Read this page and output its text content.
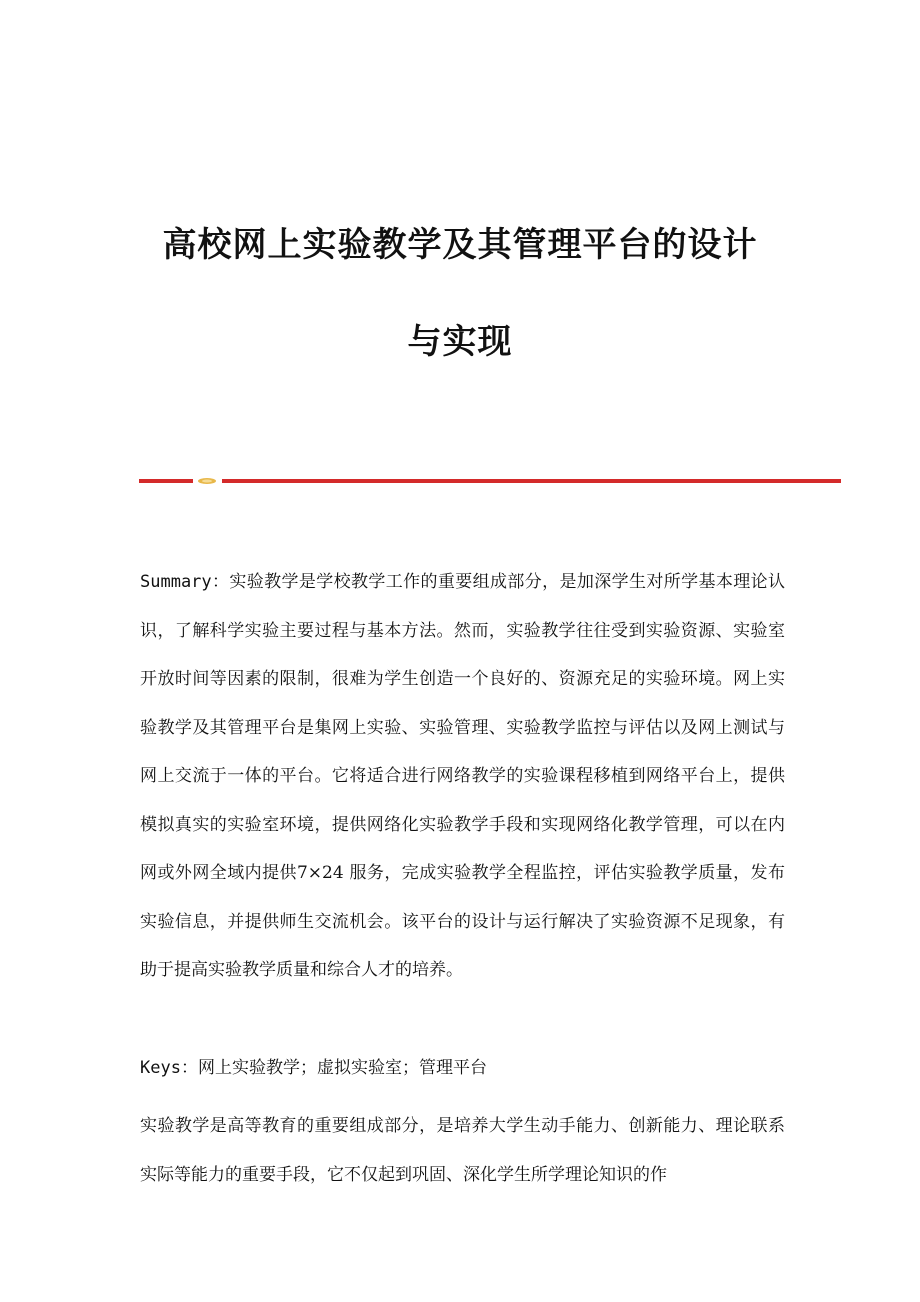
高校网上实验教学及其管理平台的设计
与实现

Summary：实验教学是学校教学工作的重要组成部分，是加深学生对所学基本理论认识，了解科学实验主要过程与基本方法。然而，实验教学往往受到实验资源、实验室开放时间等因素的限制，很难为学生创造一个良好的、资源充足的实验环境。网上实验教学及其管理平台是集网上实验、实验管理、实验教学监控与评估以及网上测试与网上交流于一体的平台。它将适合进行网络教学的实验课程移植到网络平台上，提供模拟真实的实验室环境，提供网络化实验教学手段和实现网络化教学管理，可以在内网或外网全域内提供7×24 服务，完成实验教学全程监控，评估实验教学质量，发布实验信息，并提供师生交流机会。该平台的设计与运行解决了实验资源不足现象，有助于提高实验教学质量和综合人才的培养。

Keys：网上实验教学；虚拟实验室；管理平台

实验教学是高等教育的重要组成部分，是培养大学生动手能力、创新能力、理论联系实际等能力的重要手段，它不仅起到巩固、深化学生所学理论知识的作
